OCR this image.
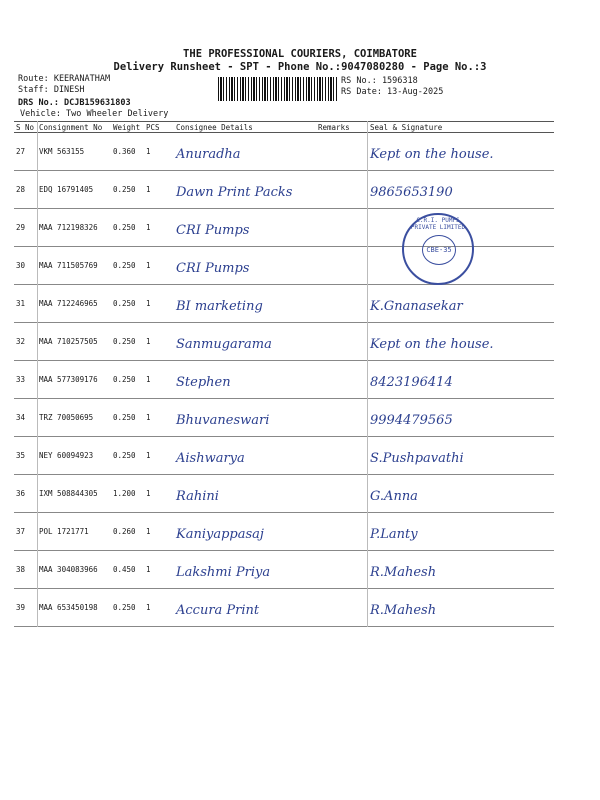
THE PROFESSIONAL COURIERS, COIMBATORE
Delivery Runsheet - SPT - Phone No.:9047080280 - Page No.:3
Route: KEERANATHAM
Staff: DINESH
DRS No.: DCJB159631803
Vehicle: Two Wheeler Delivery
RS No.: 1596318
RS Date: 13-Aug-2025
S No	Consignment No	Weight	PCS	Consignee Details	Remarks	Seal & Signature
27	VKM 563155	0.360	1	Anuradha		Kept on the house.
28	EDQ 16791405	0.250	1	Dawn Print Packs		9865653190
29	MAA 712198326	0.250	1	CRI Pumps		
30	MAA 711505769	0.250	1	CRI Pumps		
31	MAA 712246965	0.250	1	BI marketing		K.Gnanasekar
32	MAA 710257505	0.250	1	Sanmugarama		Kept on the house.
33	MAA 577309176	0.250	1	Stephen		8423196414
34	TRZ 70050695	0.250	1	Bhuvaneswari		9994479565
35	NEY 60094923	0.250	1	Aishwarya		S.Pushpavathi
36	IXM 508844305	1.200	1	Rahini		G.Anna
37	POL 1721771	0.260	1	Kaniyappasaj		P.Lanty
38	MAA 304083966	0.450	1	Lakshmi Priya		R.Mahesh
39	MAA 653450198	0.250	1	Accura Print		R.Mahesh
C.R.I. PUMPS PRIVATE LIMITED
CBE-35
